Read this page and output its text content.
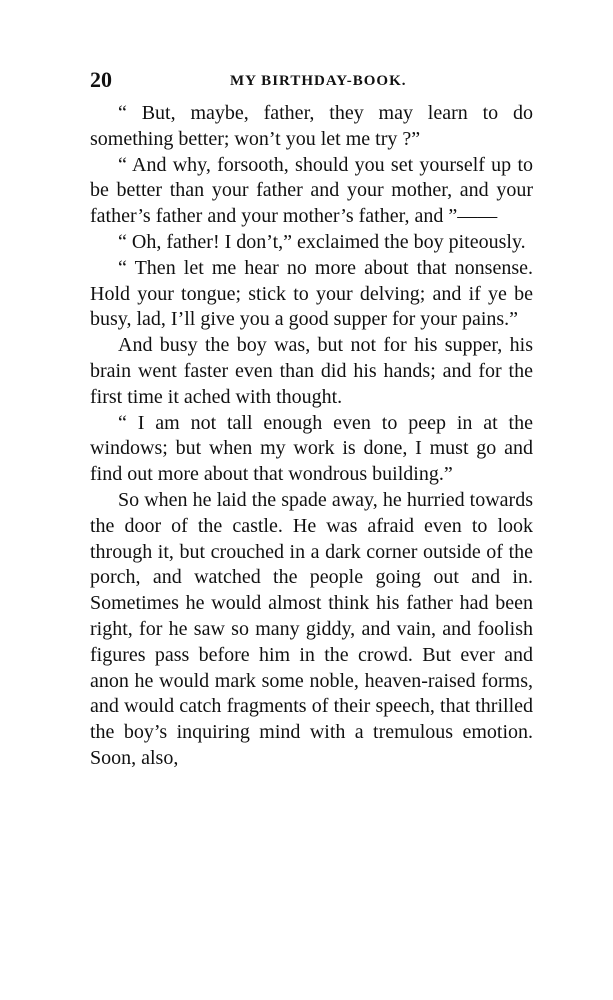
20	MY BIRTHDAY-BOOK.

“ But, maybe, father, they may learn to do something better; won’t you let me try ?”

“ And why, forsooth, should you set yourself up to be better than your father and your mother, and your father’s father and your mother’s father, and ”——

“ Oh, father! I don’t,” exclaimed the boy piteously.

“ Then let me hear no more about that nonsense. Hold your tongue; stick to your delving; and if ye be busy, lad, I’ll give you a good supper for your pains.”

And busy the boy was, but not for his supper, his brain went faster even than did his hands; and for the first time it ached with thought.

“ I am not tall enough even to peep in at the windows; but when my work is done, I must go and find out more about that wondrous building.”

So when he laid the spade away, he hurried towards the door of the castle. He was afraid even to look through it, but crouched in a dark corner outside of the porch, and watched the people going out and in. Sometimes he would almost think his father had been right, for he saw so many giddy, and vain, and foolish figures pass before him in the crowd. But ever and anon he would mark some noble, heaven-raised forms, and would catch fragments of their speech, that thrilled the boy’s inquiring mind with a tremulous emotion. Soon, also,
